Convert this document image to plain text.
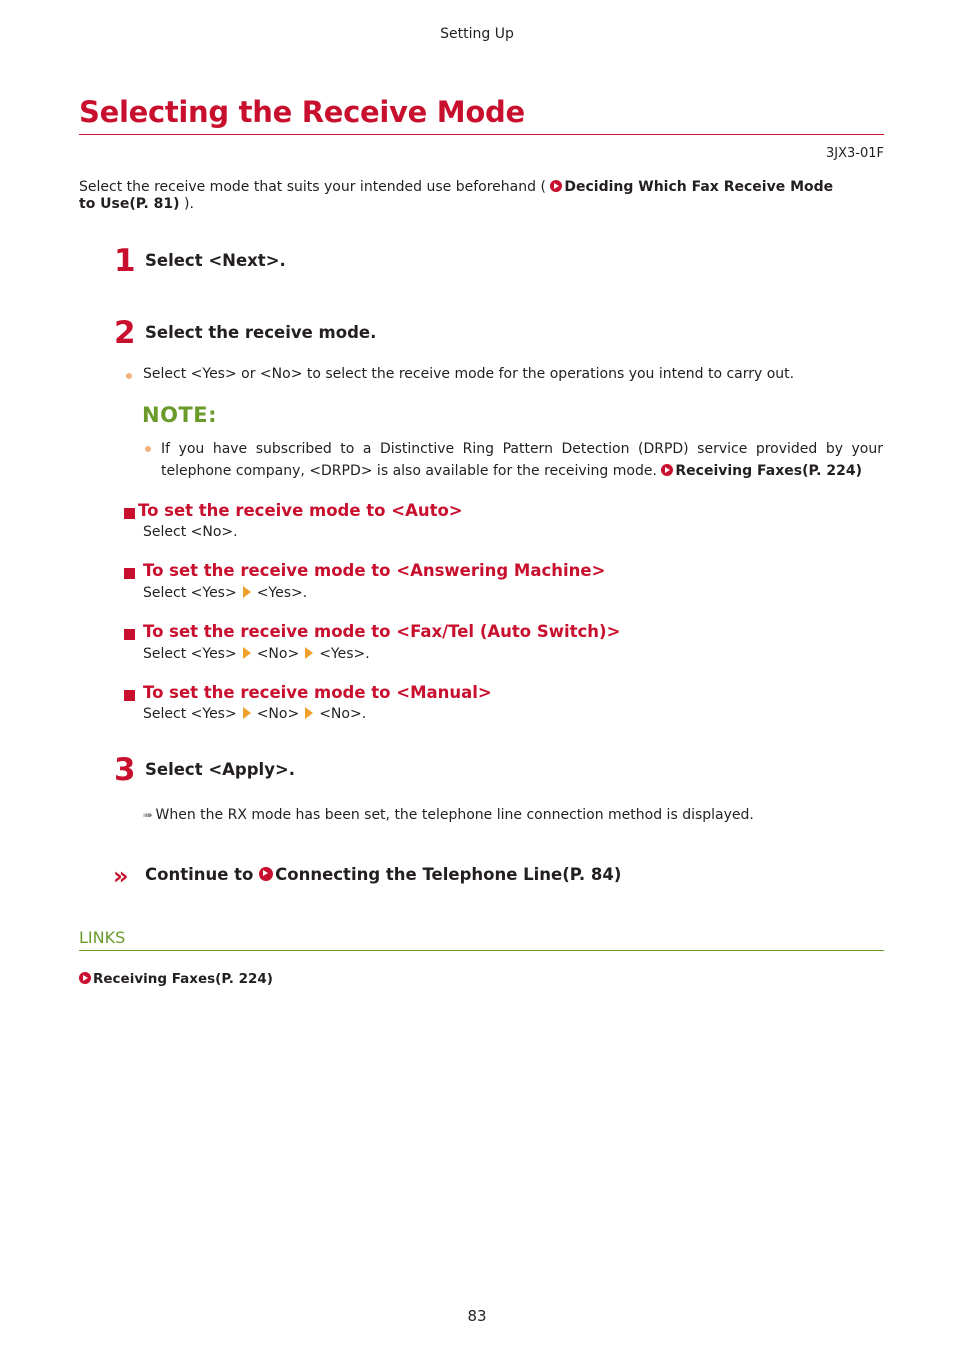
Setting Up
Selecting the Receive Mode
3JX3-01F
Select the receive mode that suits your intended use beforehand ( Deciding Which Fax Receive Mode to Use(P. 81) ).
1 Select <Next>.
2 Select the receive mode.
Select <Yes> or <No> to select the receive mode for the operations you intend to carry out.
NOTE:
If you have subscribed to a Distinctive Ring Pattern Detection (DRPD) service provided by your telephone company, <DRPD> is also available for the receiving mode. Receiving Faxes(P. 224)
To set the receive mode to <Auto>
Select <No>.
To set the receive mode to <Answering Machine>
Select <Yes> <Yes>.
To set the receive mode to <Fax/Tel (Auto Switch)>
Select <Yes> <No> <Yes>.
To set the receive mode to <Manual>
Select <Yes> <No> <No>.
3 Select <Apply>.
➠ When the RX mode has been set, the telephone line connection method is displayed.
» Continue to Connecting the Telephone Line(P. 84)
LINKS
Receiving Faxes(P. 224)
83
